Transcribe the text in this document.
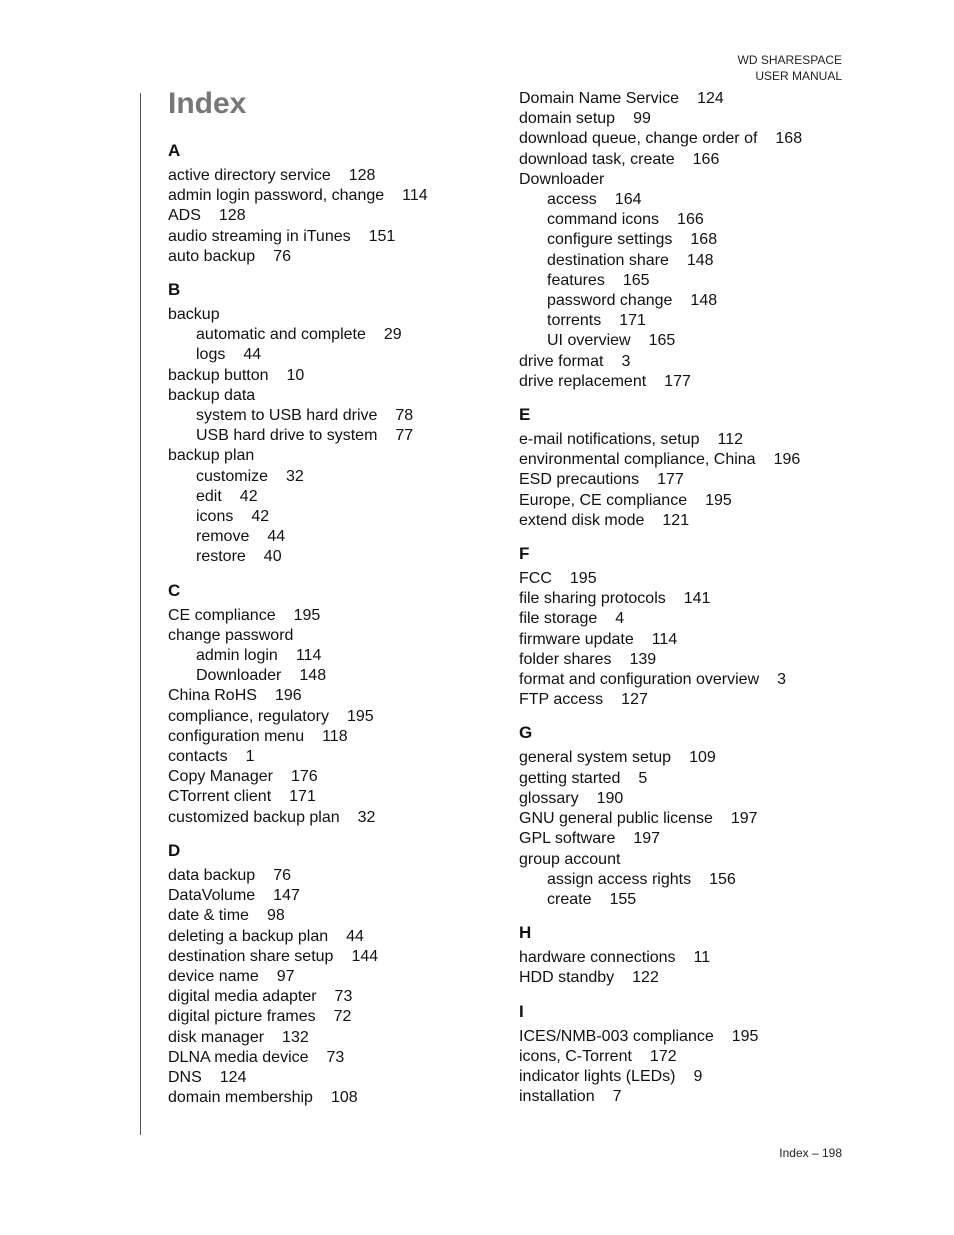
WD SHARESPACE
USER MANUAL
Index
A
active directory service 128
admin login password, change 114
ADS 128
audio streaming in iTunes 151
auto backup 76
B
backup
automatic and complete 29
logs 44
backup button 10
backup data
system to USB hard drive 78
USB hard drive to system 77
backup plan
customize 32
edit 42
icons 42
remove 44
restore 40
C
CE compliance 195
change password
admin login 114
Downloader 148
China RoHS 196
compliance, regulatory 195
configuration menu 118
contacts 1
Copy Manager 176
CTorrent client 171
customized backup plan 32
D
data backup 76
DataVolume 147
date & time 98
deleting a backup plan 44
destination share setup 144
device name 97
digital media adapter 73
digital picture frames 72
disk manager 132
DLNA media device 73
DNS 124
domain membership 108
Domain Name Service 124
domain setup 99
download queue, change order of 168
download task, create 166
Downloader
access 164
command icons 166
configure settings 168
destination share 148
features 165
password change 148
torrents 171
UI overview 165
drive format 3
drive replacement 177
E
e-mail notifications, setup 112
environmental compliance, China 196
ESD precautions 177
Europe, CE compliance 195
extend disk mode 121
F
FCC 195
file sharing protocols 141
file storage 4
firmware update 114
folder shares 139
format and configuration overview 3
FTP access 127
G
general system setup 109
getting started 5
glossary 190
GNU general public license 197
GPL software 197
group account
assign access rights 156
create 155
H
hardware connections 11
HDD standby 122
I
ICES/NMB-003 compliance 195
icons, C-Torrent 172
indicator lights (LEDs) 9
installation 7
Index – 198
